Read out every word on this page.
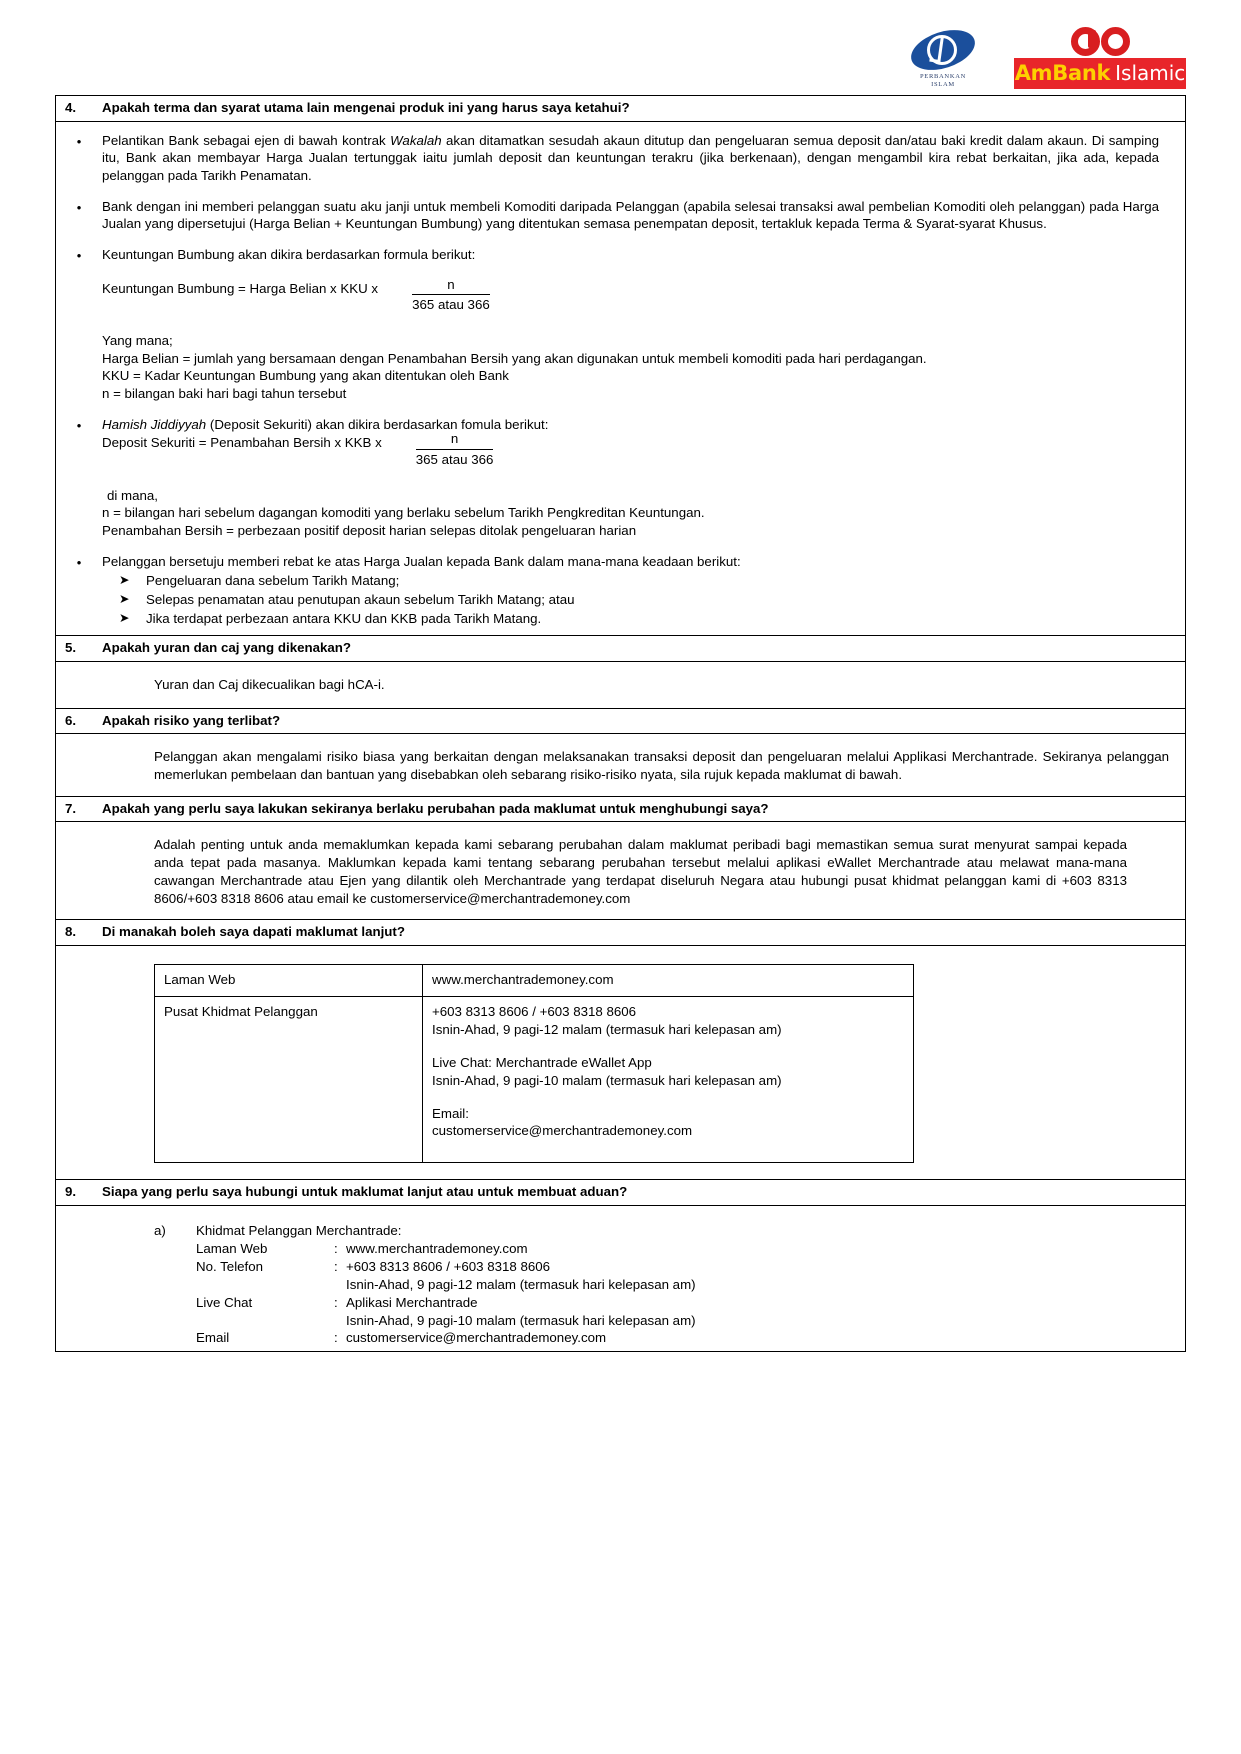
PERBANKAN
ISLAM	AmBank Islamic
4.	Apakah terma dan syarat utama lain mengenai produk ini yang harus saya ketahui?
•	Pelantikan Bank sebagai ejen di bawah kontrak Wakalah akan ditamatkan sesudah akaun ditutup dan pengeluaran semua deposit dan/atau baki kredit dalam akaun. Di samping itu, Bank akan membayar Harga Jualan tertunggak iaitu jumlah deposit dan keuntungan terakru (jika berkenaan), dengan mengambil kira rebat berkaitan, jika ada, kepada pelanggan pada Tarikh Penamatan.
•	Bank dengan ini memberi pelanggan suatu aku janji untuk membeli Komoditi daripada Pelanggan (apabila selesai transaksi awal pembelian Komoditi oleh pelanggan) pada Harga Jualan yang dipersetujui (Harga Belian + Keuntungan Bumbung) yang ditentukan semasa penempatan deposit, tertakluk kepada Terma & Syarat-syarat Khusus.
•	Keuntungan Bumbung akan dikira berdasarkan formula berikut:
Keuntungan Bumbung = Harga Belian x KKU x	$\frac{n}{\text{365 atau 366}}$
Yang mana;
Harga Belian = jumlah yang bersamaan dengan Penambahan Bersih yang akan digunakan untuk membeli komoditi pada hari perdagangan.
KKU = Kadar Keuntungan Bumbung yang akan ditentukan oleh Bank
n = bilangan baki hari bagi tahun tersebut
•	Hamish Jiddiyyah (Deposit Sekuriti) akan dikira berdasarkan fomula berikut:
Deposit Sekuriti = Penambahan Bersih x KKB x	$\frac{n}{\text{365 atau 366}}$
di mana,
n = bilangan hari sebelum dagangan komoditi yang berlaku sebelum Tarikh Pengkreditan Keuntungan.
Penambahan Bersih = perbezaan positif deposit harian selepas ditolak pengeluaran harian
•	Pelanggan bersetuju memberi rebat ke atas Harga Jualan kepada Bank dalam mana-mana keadaan berikut:
➤	Pengeluaran dana sebelum Tarikh Matang;
➤	Selepas penamatan atau penutupan akaun sebelum Tarikh Matang; atau
➤	Jika terdapat perbezaan antara KKU dan KKB pada Tarikh Matang.
5.	Apakah yuran dan caj yang dikenakan?
Yuran dan Caj dikecualikan bagi hCA-i.
6.	Apakah risiko yang terlibat?
Pelanggan akan mengalami risiko biasa yang berkaitan dengan melaksanakan transaksi deposit dan pengeluaran melalui Applikasi Merchantrade. Sekiranya pelanggan memerlukan pembelaan dan bantuan yang disebabkan oleh sebarang risiko-risiko nyata, sila rujuk kepada maklumat di bawah.
7.	Apakah yang perlu saya lakukan sekiranya berlaku perubahan pada maklumat untuk menghubungi saya?
Adalah penting untuk anda memaklumkan kepada kami sebarang perubahan dalam maklumat peribadi bagi memastikan semua surat menyurat sampai kepada anda tepat pada masanya. Maklumkan kepada kami tentang sebarang perubahan tersebut melalui aplikasi eWallet Merchantrade atau melawat mana-mana cawangan Merchantrade atau Ejen yang dilantik oleh Merchantrade yang terdapat diseluruh Negara atau hubungi pusat khidmat pelanggan kami di +603 8313 8606/+603 8318 8606 atau email ke customerservice@merchantrademoney.com
8.	Di manakah boleh saya dapati maklumat lanjut?
Laman Web	www.merchantrademoney.com

Pusat Khidmat Pelanggan	+603 8313 8606 / +603 8318 8606
Isnin-Ahad, 9 pagi-12 malam (termasuk hari kelepasan am)
Live Chat: Merchantrade eWallet App
Isnin-Ahad, 9 pagi-10 malam (termasuk hari kelepasan am)
Email:
customerservice@merchantrademoney.com
9.	Siapa yang perlu saya hubungi untuk maklumat lanjut atau untuk membuat aduan?
a)	Khidmat Pelanggan Merchantrade:
Laman Web	: www.merchantrademoney.com
No. Telefon	: +603 8313 8606 / +603 8318 8606
Isnin-Ahad, 9 pagi-12 malam (termasuk hari kelepasan am)
Live Chat	: Aplikasi Merchantrade
Isnin-Ahad, 9 pagi-10 malam (termasuk hari kelepasan am)
Email	: customerservice@merchantrademoney.com
